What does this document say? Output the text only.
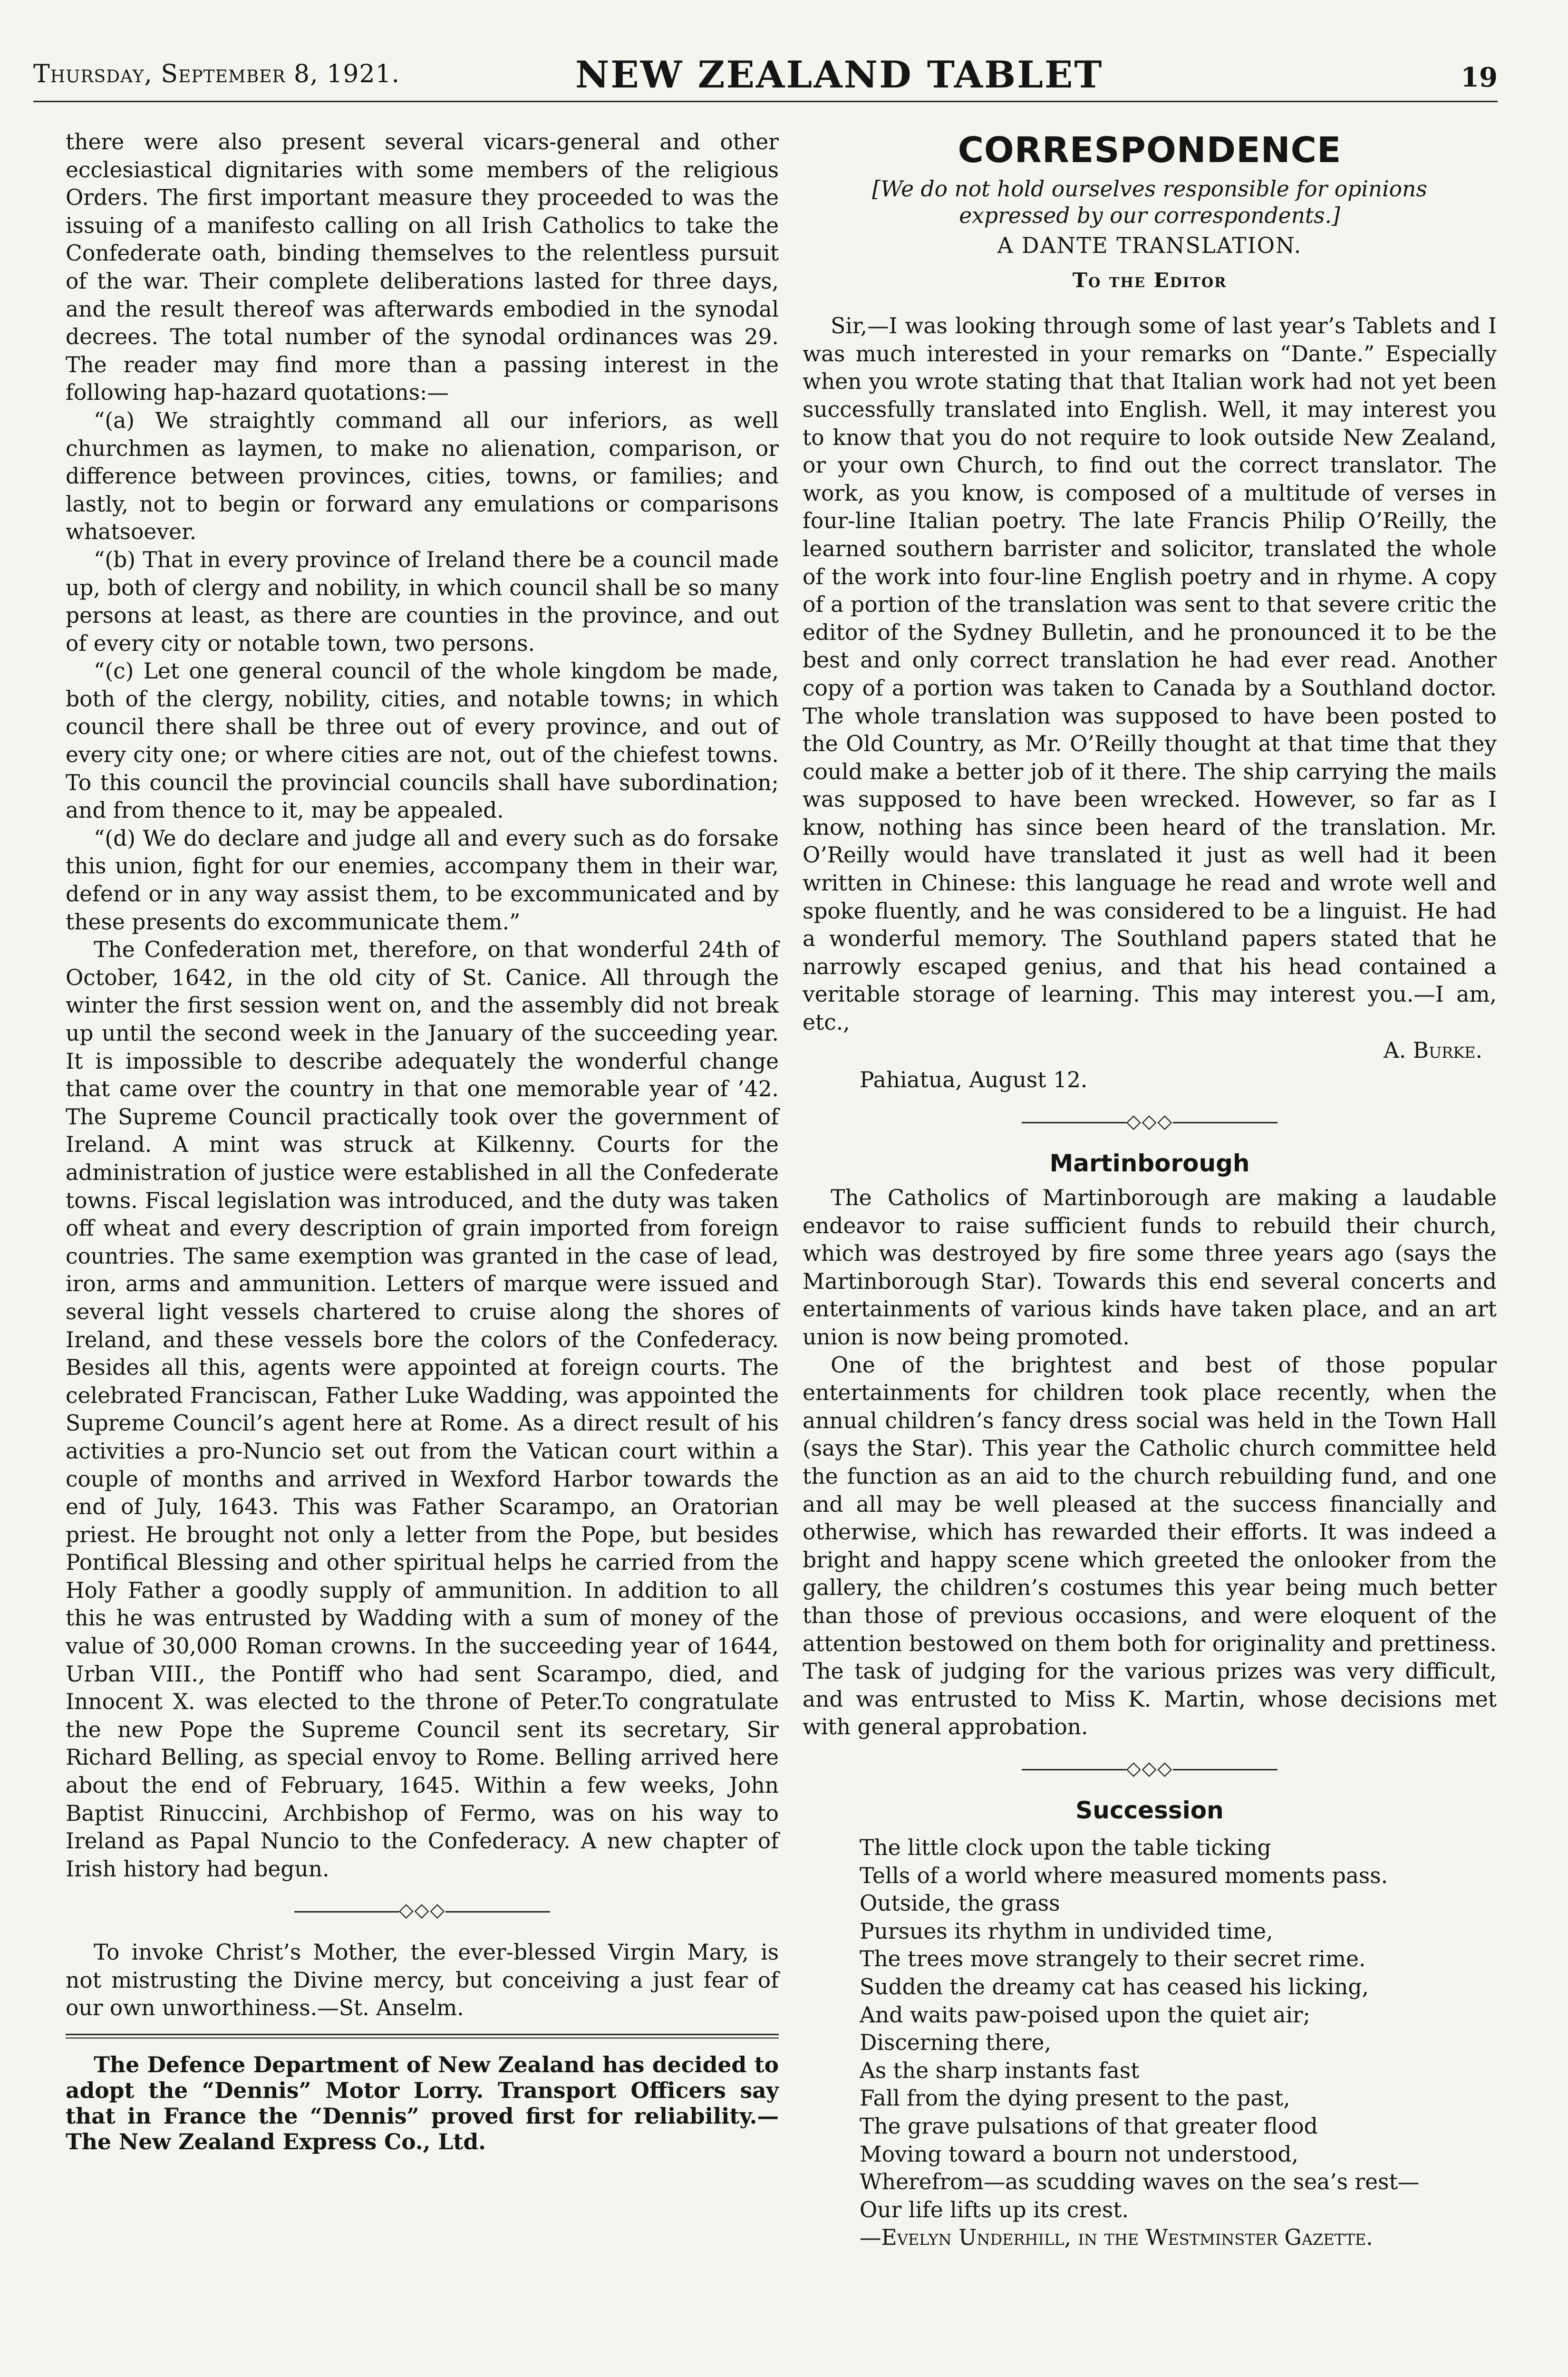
Thursday, September 8, 1921.	NEW ZEALAND TABLET	19

there were also present several vicars-general and other ecclesiastical dignitaries with some members of the religious Orders. The first important measure they proceeded to was the issuing of a manifesto calling on all Irish Catholics to take the Confederate oath, binding themselves to the relentless pursuit of the war. Their complete deliberations lasted for three days, and the result thereof was afterwards embodied in the synodal decrees. The total number of the synodal ordinances was 29. The reader may find more than a passing interest in the following hap-hazard quotations:—

“(a) We straightly command all our inferiors, as well churchmen as laymen, to make no alienation, comparison, or difference between provinces, cities, towns, or families; and lastly, not to begin or forward any emulations or comparisons whatsoever.

“(b) That in every province of Ireland there be a council made up, both of clergy and nobility, in which council shall be so many persons at least, as there are counties in the province, and out of every city or notable town, two persons.

“(c) Let one general council of the whole kingdom be made, both of the clergy, nobility, cities, and notable towns; in which council there shall be three out of every province, and out of every city one; or where cities are not, out of the chiefest towns. To this council the provincial councils shall have subordination; and from thence to it, may be appealed.

“(d) We do declare and judge all and every such as do forsake this union, fight for our enemies, accompany them in their war, defend or in any way assist them, to be excommunicated and by these presents do excommunicate them.”

The Confederation met, therefore, on that wonderful 24th of October, 1642, in the old city of St. Canice. All through the winter the first session went on, and the assembly did not break up until the second week in the January of the succeeding year. It is impossible to describe adequately the wonderful change that came over the country in that one memorable year of ’42. The Supreme Council practically took over the government of Ireland. A mint was struck at Kilkenny. Courts for the administration of justice were established in all the Confederate towns. Fiscal legislation was introduced, and the duty was taken off wheat and every description of grain imported from foreign countries. The same exemption was granted in the case of lead, iron, arms and ammunition. Letters of marque were issued and several light vessels chartered to cruise along the shores of Ireland, and these vessels bore the colors of the Confederacy. Besides all this, agents were appointed at foreign courts. The celebrated Franciscan, Father Luke Wadding, was appointed the Supreme Council’s agent here at Rome. As a direct result of his activities a pro-Nuncio set out from the Vatican court within a couple of months and arrived in Wexford Harbor towards the end of July, 1643. This was Father Scarampo, an Oratorian priest. He brought not only a letter from the Pope, but besides Pontifical Blessing and other spiritual helps he carried from the Holy Father a goodly supply of ammunition. In addition to all this he was entrusted by Wadding with a sum of money of the value of 30,000 Roman crowns. In the succeeding year of 1644, Urban VIII., the Pontiff who had sent Scarampo, died, and Innocent X. was elected to the throne of Peter.To congratulate the new Pope the Supreme Council sent its secretary, Sir Richard Belling, as special envoy to Rome. Belling arrived here about the end of February, 1645. Within a few weeks, John Baptist Rinuccini, Archbishop of Fermo, was on his way to Ireland as Papal Nuncio to the Confederacy. A new chapter of Irish history had begun.

◇◇◇

To invoke Christ’s Mother, the ever-blessed Virgin Mary, is not mistrusting the Divine mercy, but conceiving a just fear of our own unworthiness.—St. Anselm.

The Defence Department of New Zealand has decided to adopt the “Dennis” Motor Lorry. Transport Officers say that in France the “Dennis” proved first for reliability.—The New Zealand Express Co., Ltd.

CORRESPONDENCE
[We do not hold ourselves responsible for opinions expressed by our correspondents.]
A DANTE TRANSLATION.
To the Editor

Sir,—I was looking through some of last year’s Tablets and I was much interested in your remarks on “Dante.” Especially when you wrote stating that that Italian work had not yet been successfully translated into English. Well, it may interest you to know that you do not require to look outside New Zealand, or your own Church, to find out the correct translator. The work, as you know, is composed of a multitude of verses in four-line Italian poetry. The late Francis Philip O’Reilly, the learned southern barrister and solicitor, translated the whole of the work into four-line English poetry and in rhyme. A copy of a portion of the translation was sent to that severe critic the editor of the Sydney Bulletin, and he pronounced it to be the best and only correct translation he had ever read. Another copy of a portion was taken to Canada by a Southland doctor. The whole translation was supposed to have been posted to the Old Country, as Mr. O’Reilly thought at that time that they could make a better job of it there. The ship carrying the mails was supposed to have been wrecked. However, so far as I know, nothing has since been heard of the translation. Mr. O’Reilly would have translated it just as well had it been written in Chinese: this language he read and wrote well and spoke fluently, and he was considered to be a linguist. He had a wonderful memory. The Southland papers stated that he narrowly escaped genius, and that his head contained a veritable storage of learning. This may interest you.—I am, etc.,

A. Burke.
Pahiatua, August 12.
◇◇◇
Martinborough

The Catholics of Martinborough are making a laudable endeavor to raise sufficient funds to rebuild their church, which was destroyed by fire some three years ago (says the Martinborough Star). Towards this end several concerts and entertainments of various kinds have taken place, and an art union is now being promoted.

One of the brightest and best of those popular entertainments for children took place recently, when the annual children’s fancy dress social was held in the Town Hall (says the Star). This year the Catholic church committee held the function as an aid to the church rebuilding fund, and one and all may be well pleased at the success financially and otherwise, which has rewarded their efforts. It was indeed a bright and happy scene which greeted the onlooker from the gallery, the children’s costumes this year being much better than those of previous occasions, and were eloquent of the attention bestowed on them both for originality and prettiness. The task of judging for the various prizes was very difficult, and was entrusted to Miss K. Martin, whose decisions met with general approbation.

◇◇◇
Succession
The little clock upon the table ticking
Tells of a world where measured moments pass.
Outside, the grass
Pursues its rhythm in undivided time,
The trees move strangely to their secret rime.
Sudden the dreamy cat has ceased his licking,
And waits paw-poised upon the quiet air;
Discerning there,
As the sharp instants fast
Fall from the dying present to the past,
The grave pulsations of that greater flood
Moving toward a bourn not understood,
Wherefrom—as scudding waves on the sea’s rest—
Our life lifts up its crest.
—Evelyn Underhill, in the Westminster Gazette.
